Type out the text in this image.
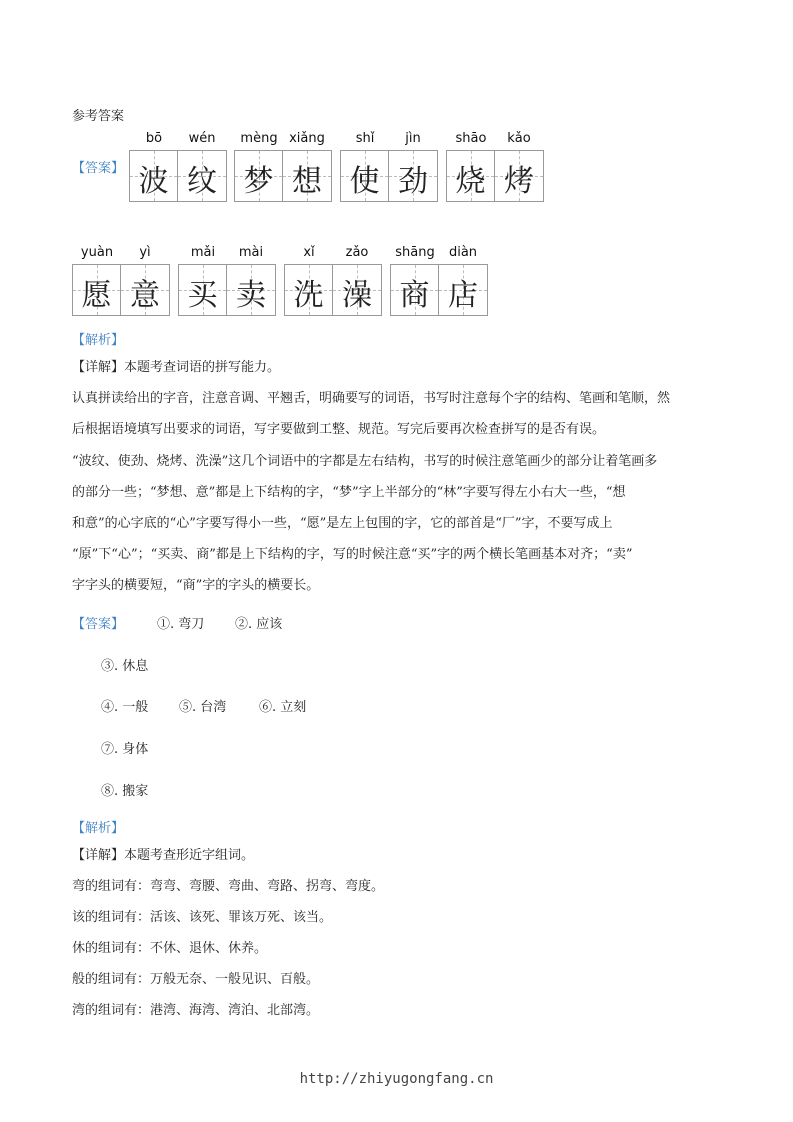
参考答案
【答案】
bō
波
wén
纹
mèng
梦
xiǎng
想
shǐ
使
jìn
劲
shāo
烧
kǎo
烤
yuàn
愿
yì
意
mǎi
买
mài
卖
xǐ
洗
zǎo
澡
shāng
商
diàn
店
【解析】
【详解】本题考查词语的拼写能力。
认真拼读给出的字音，注意音调、平翘舌，明确要写的词语，书写时注意每个字的结构、笔画和笔顺，然
后根据语境填写出要求的词语，写字要做到工整、规范。写完后要再次检查拼写的是否有误。
“波纹、使劲、烧烤、洗澡”这几个词语中的字都是左右结构，书写的时候注意笔画少的部分让着笔画多
的部分一些；“梦想、意”都是上下结构的字，“梦”字上半部分的“林”字要写得左小右大一些，“想
和意”的心字底的“心”字要写得小一些，“愿”是左上包围的字，它的部首是“厂”字，不要写成上
“原”下“心”；“买卖、商”都是上下结构的字，写的时候注意“买”字的两个横长笔画基本对齐；“卖”
字字头的横要短，“商”字的字头的横要长。
【答案】	①. 弯刀 ②. 应该
③. 休息
④. 一般 ⑤. 台湾	⑥. 立刻
⑦. 身体
⑧. 搬家
【解析】
【详解】本题考查形近字组词。
弯的组词有：弯弯、弯腰、弯曲、弯路、拐弯、弯度。
该的组词有：活该、该死、罪该万死、该当。
休的组词有：不休、退休、休养。
般的组词有：万般无奈、一般见识、百般。
湾的组词有：港湾、海湾、湾泊、北部湾。
http://zhiyugongfang.cn
